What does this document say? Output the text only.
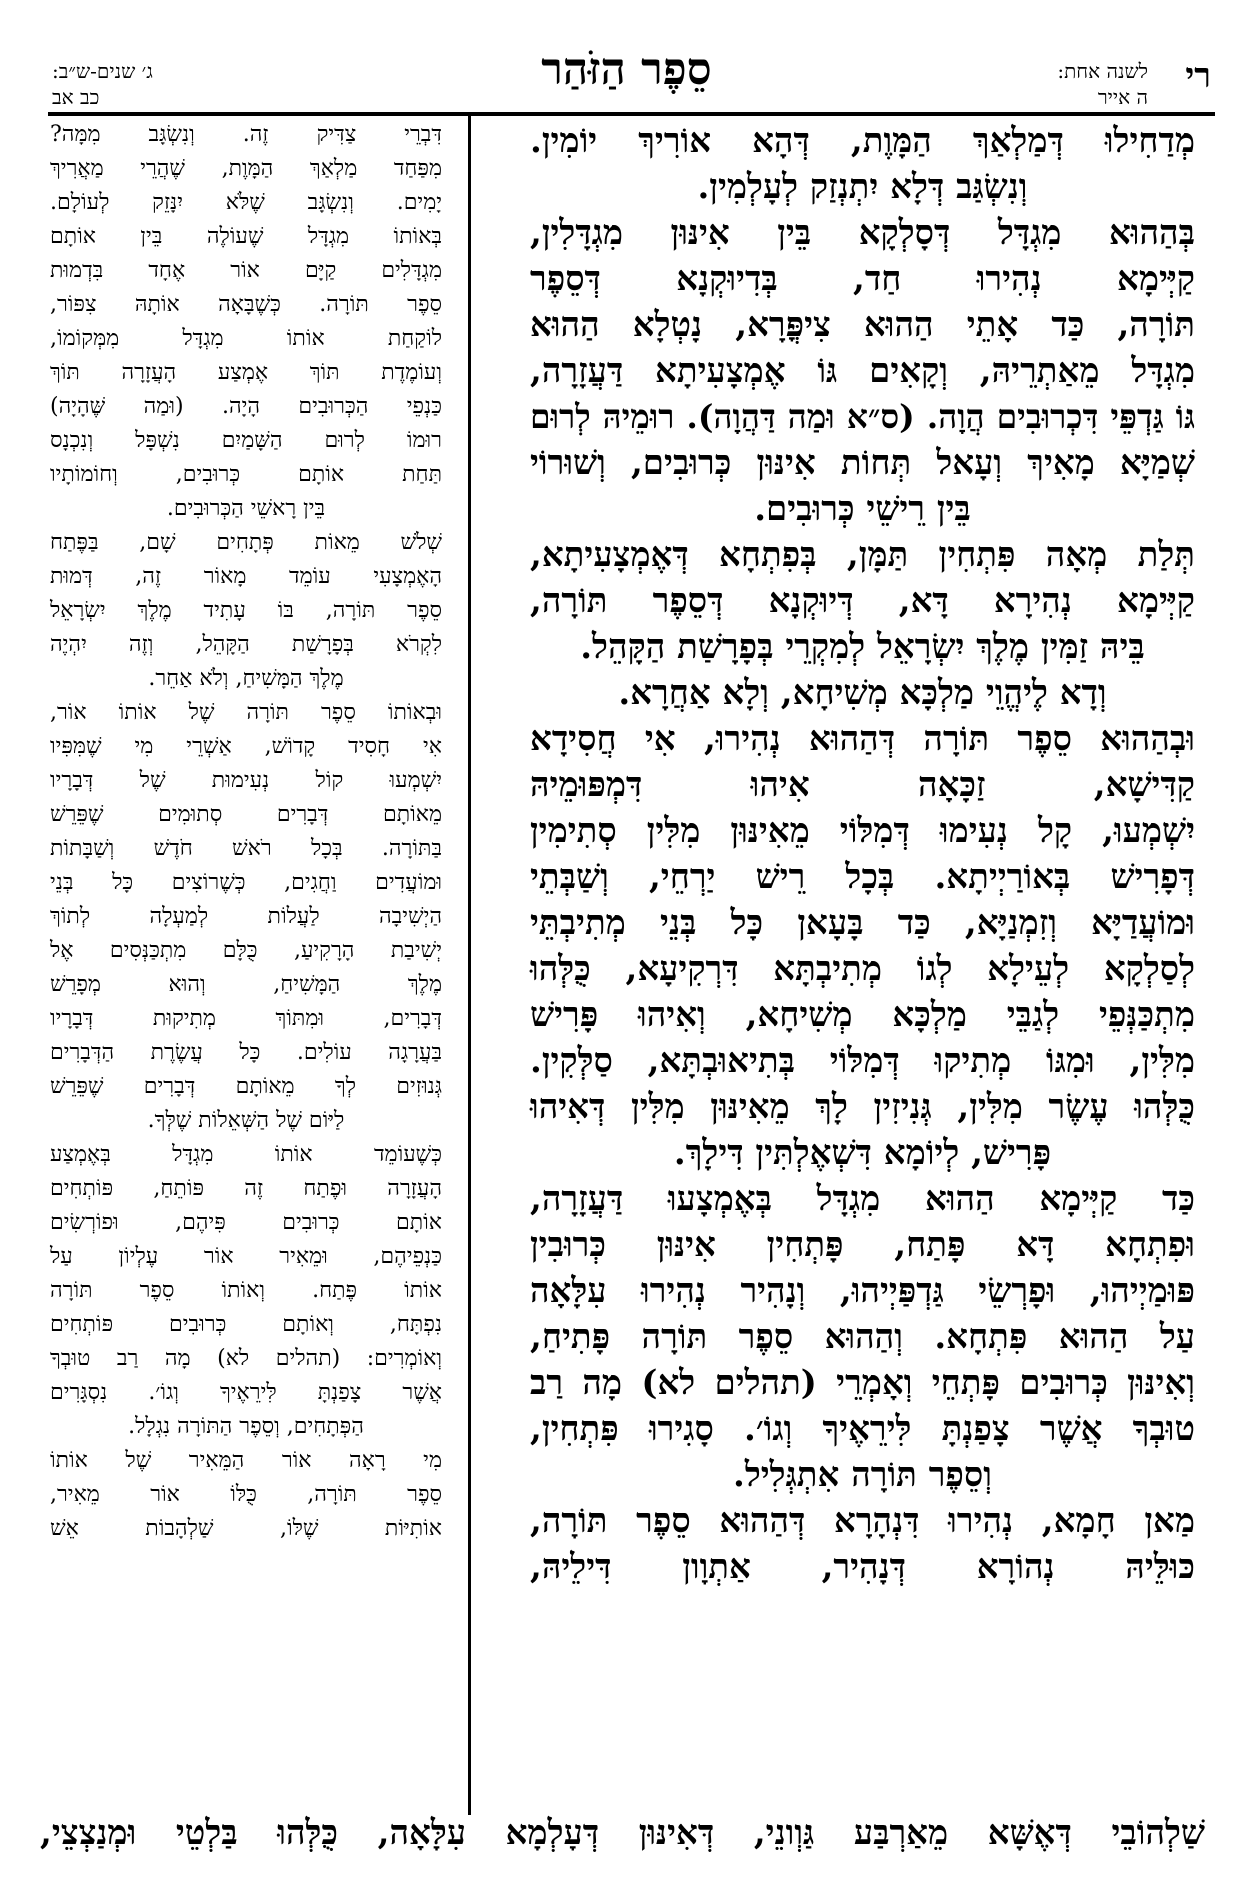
רי
לשנה אחת:
ה אייר
סֵפֶר הַזֹּהַר
ג׳ שנים-ש״ב:
כב אב
מְדַחִילוּ דְּמַלְאַךְ הַמָּוֶת, דְּהָא אוֹרִיךְ יוֹמִין.
וְנִשְׂגַּב דְּלָא יִתְנְזַק לְעָלְמִין.
בְּהַהוּא מִגְדָּל דְּסָלְקָא בֵּין אִינּוּן מִגְדָּלִין,
קַיְּימָא נְהִירוּ חַד, בְּדִיוּקְנָא דְּסֵפֶר
תּוֹרָה, כַּד אָתֵי הַהוּא צִיפֳּרָא, נָטְלָא הַהוּא
מִגְדָּל מֵאַתְרֵיהּ, וְקָאִים גּוֹ אֶמְצָעִיתָא דַּעֲזָרָה,
גּוֹ גַּדְפֵּי דִּכְרוּבִים הֲוָה. (ס״א וּמַה דַּהֲוָה). רוּמֵיהּ לְרוּם
שְׁמַיָּא מָאִיךְ וְעָאל תְּחוֹת אִינּוּן כְּרוּבִים, וְשׁוּרוֹי
בֵּין רֵישֵׁי כְּרוּבִים.
תְּלַת מְאָה פִּתְחִין תַּמָּן, בְּפִתְחָא דְּאֶמְצָעִיתָא,
קַיְּימָא נְהִירָא דָּא, דְּיוּקְנָא דְּסֵפֶר תּוֹרָה,
בֵּיהּ זַמִּין מֶלֶךְ יִשְׂרָאֵל לְמִקְרֵי בְּפָרָשַׁת הַקָּהֵל.
וְדָא לֶיהֱוֵי מַלְכָּא מְשִׁיחָא, וְלָא אַחֲרָא.
וּבְהַהוּא סֵפֶר תּוֹרָה דְּהַהוּא נְהִירוּ, אִי חֲסִידָא
קַדִּישָׁא, זַכָּאָה אִיהוּ דִּמְפּוּמֵיהּ
יִשְׁמְעוּ, קָל נְעִימוּ דְּמִלּוֹי מֵאִינּוּן מִלִּין סְתִימִין
דְּפָרִישׁ בְּאוֹרַיְיתָא. בְּכָל רֵישׁ יַרְחֵי, וְשַׁבְּתֵי
וּמוֹעֲדַיָּא וְזִמְנַיָּא, כַּד בָּעָאן כָּל בְּנֵי מְתִיבְתֵּי
לְסַלְקָא לְעֵילָא לְגוֹ מְתִיבְתָּא דִּרְקִיעָא, כֻּלְּהוּ
מִתְכַּנְּפֵי לְגַבֵּי מַלְכָּא מְשִׁיחָא, וְאִיהוּ פָּרִישׁ
מִלִּין, וּמִגּוֹ מְתִיקוּ דְּמִלּוֹי בְּתִיאוּבְתָּא, סַלְּקִין.
כֻּלְּהוּ עֶשֶׂר מִלִּין, גְּנִיזִין לָךְ מֵאִינּוּן מִלִּין דְּאִיהוּ
פָּרִישׁ, לְיוֹמָא דִּשְׁאֶלְתִּין דִּילָךְ.
כַּד קַיְּימָא הַהוּא מִגְדָּל בְּאֶמְצָעוּ דַּעֲזָרָה,
וּפִתְחָא דָּא פָּתַח, פָּתְחִין אִינּוּן כְּרוּבִין
פּוּמַיְיהוּ, וּפָרְשֵׂי גַּדְפַּיְיהוּ, וְנָהִיר נְהִירוּ עִלָּאָה
עַל הַהוּא פִּתְחָא. וְהַהוּא סֵפֶר תּוֹרָה פָּתִיחַ,
וְאִינּוּן כְּרוּבִים פָּתְחֵי וְאָמְרֵי (תהלים לא) מָה רַב
טוּבְךָ אֲשֶׁר צָפַנְתָּ לִּירֵאֶיךָ וְגוֹ׳. סָגִירוּ פִּתְחִין,
וְסֵפֶר תּוֹרָה אִתְגְּלִיל.
מַאן חָמָא, נְהִירוּ דִּנְהָרָא דְּהַהוּא סֵפֶר תּוֹרָה,
כּוּלֵּיהּ נְהוֹרָא דְּנָהִיר, אַתְוָון דִּילֵיהּ,
דִּבְרֵי צַדִּיק זֶה. וְנִשְׂגָּב מִמָּה?
מִפַּחַד מַלְאַךְ הַמָּוֶת, שֶׁהֲרֵי מַאֲרִיךְ
יָמִים. וְנִשְׂגָּב שֶׁלֹּא יִנָּזֵק לְעוֹלָם.
בְּאוֹתוֹ מִגְדָּל שֶׁעוֹלֶה בֵּין אוֹתָם
מִגְדָּלִים קַיָּם אוֹר אֶחָד בִּדְמוּת
סֵפֶר תּוֹרָה. כְּשֶׁבָּאָה אוֹתָהּ צִפּוֹר,
לוֹקַחַת אוֹתוֹ מִגְדָּל מִמְּקוֹמוֹ,
וְעוֹמֶדֶת תּוֹךְ אֶמְצַע הָעֲזָרָה תּוֹךְ
כַּנְפֵי הַכְּרוּבִים הָיָה. (וּמַה שֶּׁהָיָה)
רוּמוֹ לְרוּם הַשָּׁמַיִם נִשְׁפָּל וְנִכְנָס
תַּחַת אוֹתָם כְּרוּבִים, וְחוֹמוֹתָיו
בֵּין רָאשֵׁי הַכְּרוּבִים.
שְׁלֹשׁ מֵאוֹת פְּתָחִים שָׁם, בַּפֶּתַח
הָאֶמְצָעִי עוֹמֵד מָאוֹר זֶה, דְּמוּת
סֵפֶר תּוֹרָה, בּוֹ עָתִיד מֶלֶךְ יִשְׂרָאֵל
לִקְרֹא בְּפָרָשַׁת הַקָּהֵל, וְזֶה יִהְיֶה
מֶלֶךְ הַמָּשִׁיחַ, וְלֹא אַחֵר.
וּבְאוֹתוֹ סֵפֶר תּוֹרָה שֶׁל אוֹתוֹ אוֹר,
אִי חָסִיד קָדוֹשׁ, אַשְׁרֵי מִי שֶׁמִּפִּיו
יִשְׁמְעוּ קוֹל נְעִימוּת שֶׁל דְּבָרָיו
מֵאוֹתָם דְּבָרִים סְתוּמִים שֶׁפֵּרֵשׁ
בַּתּוֹרָה. בְּכָל רֹאשׁ חֹדֶשׁ וְשַׁבָּתוֹת
וּמוֹעֲדִים וַחֲגִים, כְּשֶׁרוֹצִים כָּל בְּנֵי
הַיְשִׁיבָה לַעֲלוֹת לְמַעְלָה לְתוֹךְ
יְשִׁיבַת הָרָקִיעַ, כֻּלָּם מִתְכַּנְּסִים אֶל
מֶלֶךְ הַמָּשִׁיחַ, וְהוּא מְפָרֵשׁ
דְּבָרִים, וּמִתּוֹךְ מְתִיקוּת דְּבָרָיו
בַּעֲרָגָה עוֹלִים. כָּל עֲשֶׂרֶת הַדְּבָרִים
גְּנוּזִים לְךָ מֵאוֹתָם דְּבָרִים שֶׁפֵּרֵשׁ
לַיּוֹם שֶׁל הַשְּׁאֵלוֹת שֶׁלְּךָ.
כְּשֶׁעוֹמֵד אוֹתוֹ מִגְדָּל בְּאֶמְצַע
הָעֲזָרָה וּפֶתַח זֶה פּוֹתֵחַ, פּוֹתְחִים
אוֹתָם כְּרוּבִים פִּיהֶם, וּפוֹרְשִׂים
כַּנְפֵיהֶם, וּמֵאִיר אוֹר עֶלְיוֹן עַל
אוֹתוֹ פֶּתַח. וְאוֹתוֹ סֵפֶר תּוֹרָה
נִפְתָּח, וְאוֹתָם כְּרוּבִים פּוֹתְחִים
וְאוֹמְרִים: (תהלים לא) מָה רַב טוּבְךָ
אֲשֶׁר צָפַנְתָּ לִּירֵאֶיךָ וְגוֹ׳. נִסְגָּרִים
הַפְּתָחִים, וְסֵפֶר הַתּוֹרָה נִגְלָל.
מִי רָאָה אוֹר הַמֵּאִיר שֶׁל אוֹתוֹ
סֵפֶר תּוֹרָה, כֻּלּוֹ אוֹר מֵאִיר,
אוֹתִיּוֹת שֶׁלּוֹ, שַׁלְהָבוֹת אֵשׁ
שַׁלְהוֹבֵי דְּאֶשָּׁא מֵאַרְבַּע גַּוְונֵי, דְּאִינּוּן דְּעָלְמָא עִלָּאָה, כֻּלְּהוּ בַּלְטֵי וּמְנַצְצֵי,
